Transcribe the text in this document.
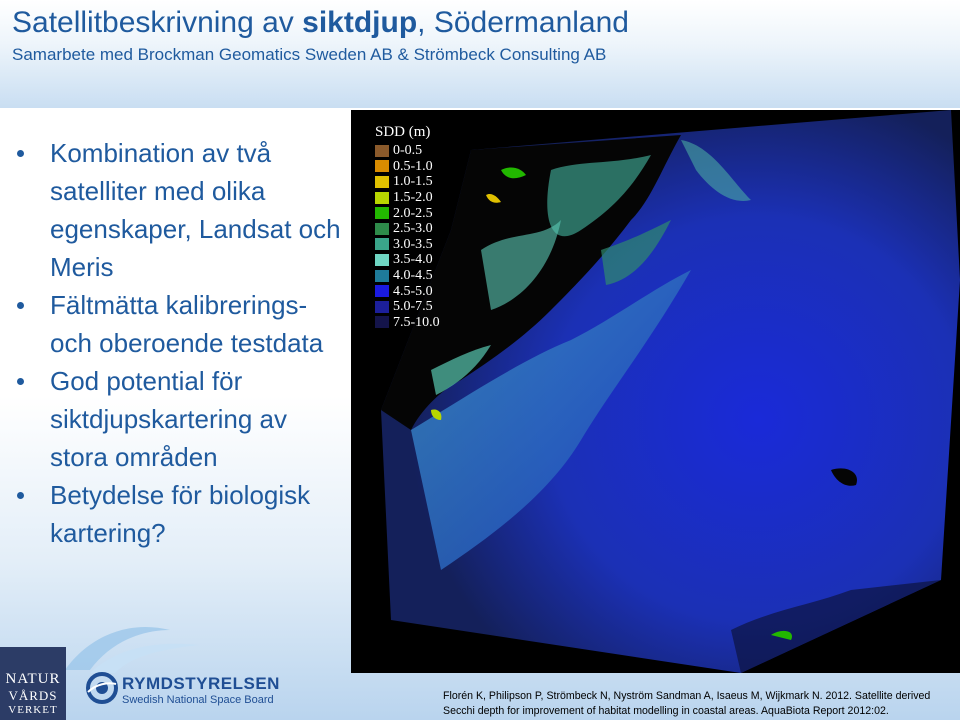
Satellitbeskrivning av siktdjup, Södermanland
Samarbete med Brockman Geomatics Sweden AB & Strömbeck Consulting AB
Kombination av två satelliter med olika egenskaper, Landsat och Meris
Fältmätta kalibrerings- och oberoende testdata
God potential för siktdjupskartering av stora områden
Betydelse för biologisk kartering?
SDD (m)
0-0.5
0.5-1.0
1.0-1.5
1.5-2.0
2.0-2.5
2.5-3.0
3.0-3.5
3.5-4.0
4.0-4.5
4.5-5.0
5.0-7.5
7.5-10.0
Florén K, Philipson P, Strömbeck N, Nyström Sandman A, Isaeus M, Wijkmark N. 2012. Satellite derived Secchi depth for improvement of habitat modelling in coastal areas. AquaBiota Report 2012:02.
NATUR
VÅRDS
VERKET
RYMDSTYRELSEN
Swedish National Space Board
